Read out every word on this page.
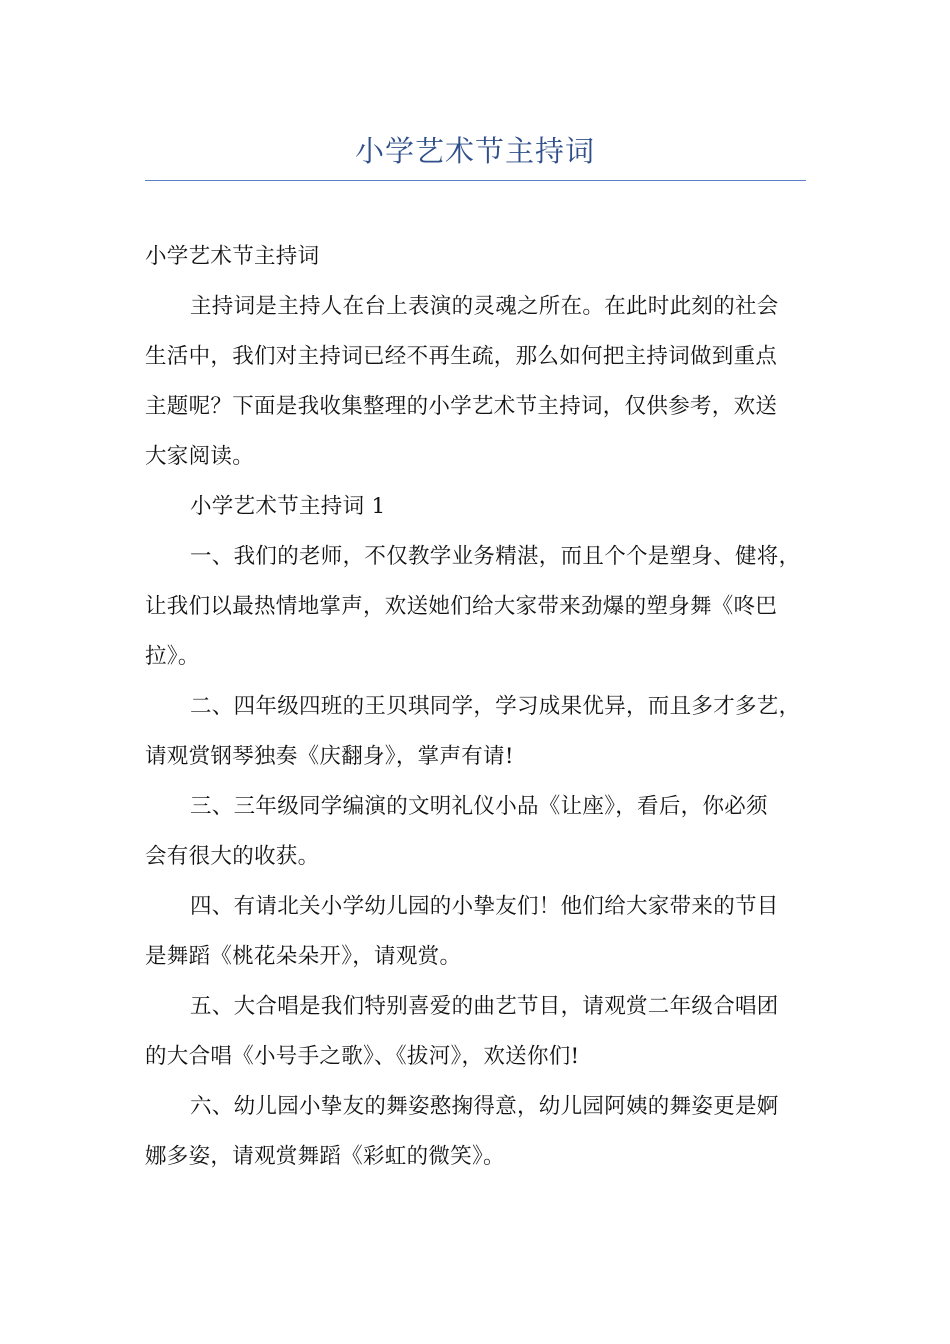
小学艺术节主持词

小学艺术节主持词

主持词是主持人在台上表演的灵魂之所在。在此时此刻的社会

生活中，我们对主持词已经不再生疏，那么如何把主持词做到重点

主题呢？下面是我收集整理的小学艺术节主持词，仅供参考，欢送

大家阅读。

小学艺术节主持词 1

一、我们的老师，不仅教学业务精湛，而且个个是塑身、健将，

让我们以最热情地掌声，欢送她们给大家带来劲爆的塑身舞《咚巴

拉》。

二、四年级四班的王贝琪同学，学习成果优异，而且多才多艺，

请观赏钢琴独奏《庆翻身》，掌声有请!

三、三年级同学编演的文明礼仪小品《让座》，看后，你必须

会有很大的收获。

四、有请北关小学幼儿园的小挚友们！他们给大家带来的节目

是舞蹈《桃花朵朵开》，请观赏。

五、大合唱是我们特别喜爱的曲艺节目，请观赏二年级合唱团

的大合唱《小号手之歌》、《拔河》，欢送你们!

六、幼儿园小挚友的舞姿憨掬得意，幼儿园阿姨的舞姿更是婀

娜多姿，请观赏舞蹈《彩虹的微笑》。
